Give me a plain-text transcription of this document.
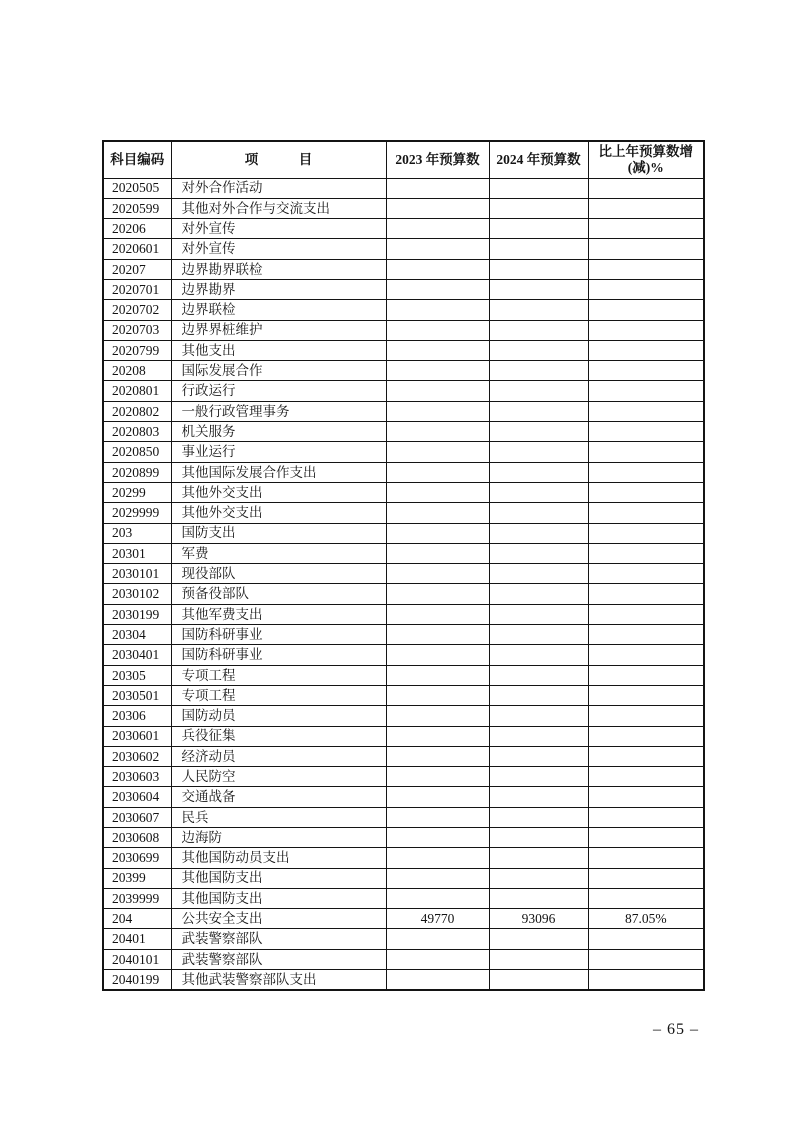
科目编码	项　　　目	2023 年预算数	2024 年预算数	比上年预算数增(减)%
2020505	对外合作活动			
2020599	其他对外合作与交流支出			
20206	对外宣传			
2020601	对外宣传			
20207	边界勘界联检			
2020701	边界勘界			
2020702	边界联检			
2020703	边界界桩维护			
2020799	其他支出			
20208	国际发展合作			
2020801	行政运行			
2020802	一般行政管理事务			
2020803	机关服务			
2020850	事业运行			
2020899	其他国际发展合作支出			
20299	其他外交支出			
2029999	其他外交支出			
203	国防支出			
20301	军费			
2030101	现役部队			
2030102	预备役部队			
2030199	其他军费支出			
20304	国防科研事业			
2030401	国防科研事业			
20305	专项工程			
2030501	专项工程			
20306	国防动员			
2030601	兵役征集			
2030602	经济动员			
2030603	人民防空			
2030604	交通战备			
2030607	民兵			
2030608	边海防			
2030699	其他国防动员支出			
20399	其他国防支出			
2039999	其他国防支出			
204	公共安全支出	49770	93096	87.05%
20401	武装警察部队			
2040101	武装警察部队			
2040199	其他武装警察部队支出			
– 65 –
